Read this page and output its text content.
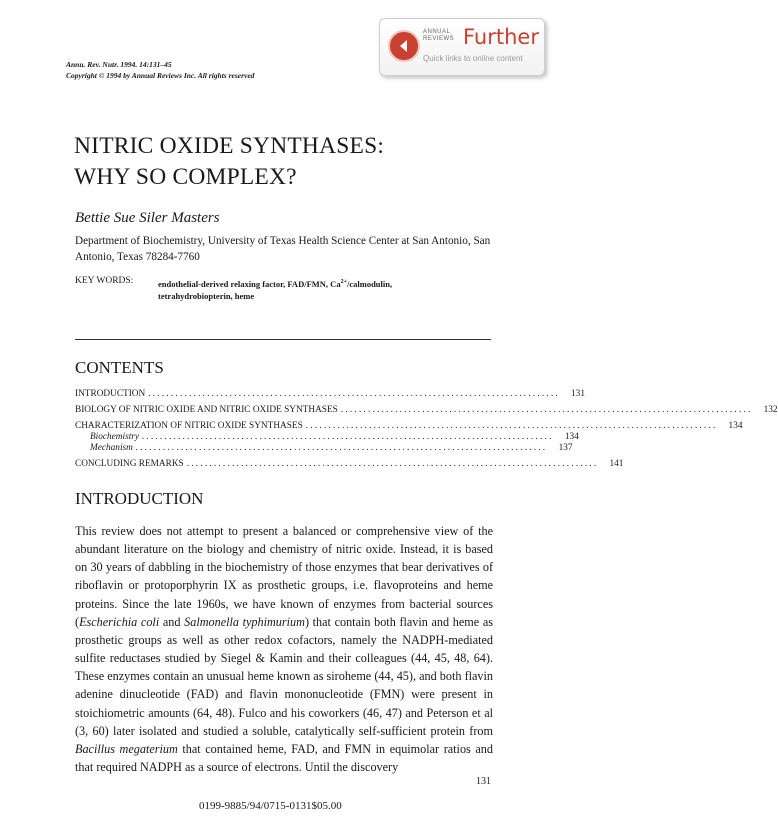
ANNUAL
REVIEWS Further
Quick links to online content
Annu. Rev. Nutr. 1994. 14:131–45
Copyright © 1994 by Annual Reviews Inc. All rights reserved
NITRIC OXIDE SYNTHASES:
WHY SO COMPLEX?
Bettie Sue Siler Masters
Department of Biochemistry, University of Texas Health Science Center at San Antonio, San Antonio, Texas 78284-7760
KEY WORDS:	endothelial-derived relaxing factor, FAD/FMN, $Ca^{2+}$/calmodulin, tetrahydrobiopterin, heme
CONTENTS
INTRODUCTION ...........................................................................................	131
BIOLOGY OF NITRIC OXIDE AND NITRIC OXIDE SYNTHASES ...........................................................................................	132
CHARACTERIZATION OF NITRIC OXIDE SYNTHASES ...........................................................................................	134
Biochemistry ...........................................................................................	134
Mechanism ...........................................................................................	137
CONCLUDING REMARKS ...........................................................................................	141
INTRODUCTION

This review does not attempt to present a balanced or comprehensive view of the abundant literature on the biology and chemistry of nitric oxide. Instead, it is based on 30 years of dabbling in the biochemistry of those enzymes that bear derivatives of riboflavin or protoporphyrin IX as prosthetic groups, i.e. flavoproteins and heme proteins. Since the late 1960s, we have known of enzymes from bacterial sources (Escherichia coli and Salmonella typhimurium) that contain both flavin and heme as prosthetic groups as well as other redox cofactors, namely the NADPH-mediated sulfite reductases studied by Siegel & Kamin and their colleagues (44, 45, 48, 64). These enzymes contain an unusual heme known as siroheme (44, 45), and both flavin adenine dinucleotide (FAD) and flavin mononucleotide (FMN) were present in stoichiometric amounts (64, 48). Fulco and his coworkers (46, 47) and Peterson et al (3, 60) later isolated and studied a soluble, catalytically self-sufficient protein from Bacillus megaterium that contained heme, FAD, and FMN in equimolar ratios and that required NADPH as a source of electrons. Until the discovery

131
0199-9885/94/0715-0131$05.00
